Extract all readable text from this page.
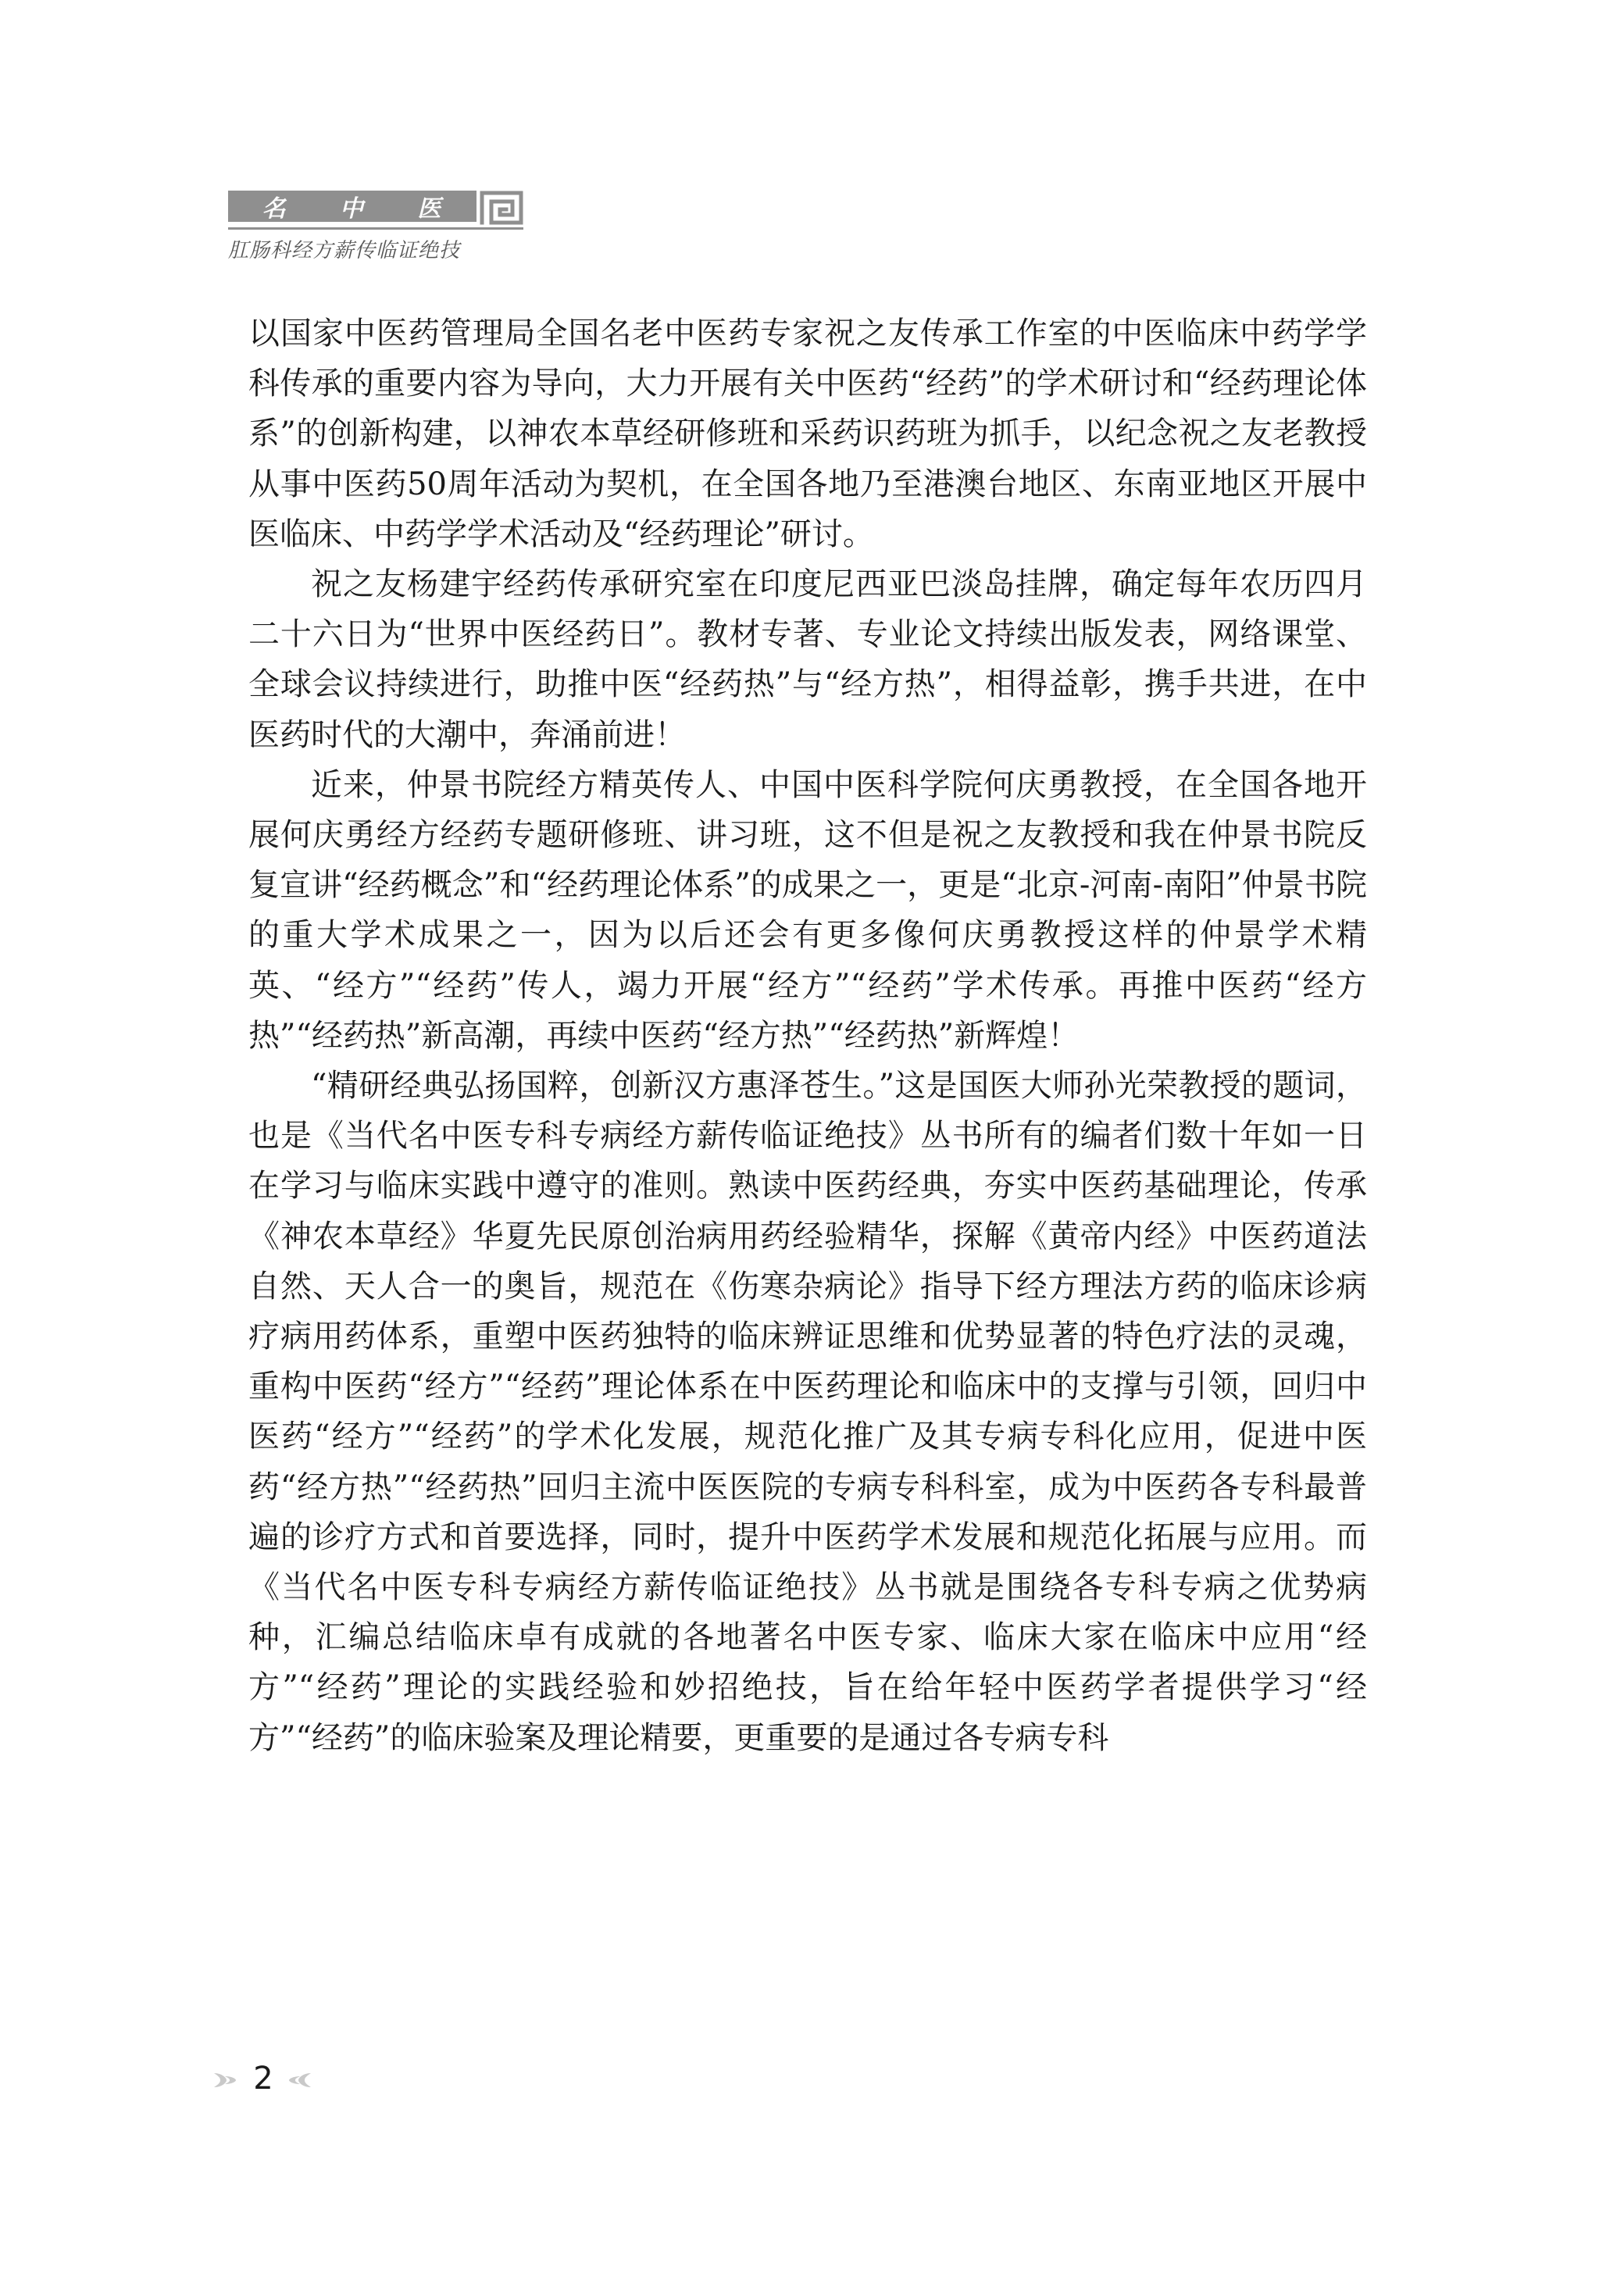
名 中 医
肛肠科经方薪传临证绝技

以国家中医药管理局全国名老中医药专家祝之友传承工作室的中医临床中药学学科传承的重要内容为导向，大力开展有关中医药“经药”的学术研讨和“经药理论体系”的创新构建，以神农本草经研修班和采药识药班为抓手，以纪念祝之友老教授从事中医药50周年活动为契机，在全国各地乃至港澳台地区、东南亚地区开展中医临床、中药学学术活动及“经药理论”研讨。

祝之友杨建宇经药传承研究室在印度尼西亚巴淡岛挂牌，确定每年农历四月二十六日为“世界中医经药日”。教材专著、专业论文持续出版发表，网络课堂、全球会议持续进行，助推中医“经药热”与“经方热”，相得益彰，携手共进，在中医药时代的大潮中，奔涌前进！

近来，仲景书院经方精英传人、中国中医科学院何庆勇教授，在全国各地开展何庆勇经方经药专题研修班、讲习班，这不但是祝之友教授和我在仲景书院反复宣讲“经药概念”和“经药理论体系”的成果之一，更是“北京-河南-南阳”仲景书院的重大学术成果之一，因为以后还会有更多像何庆勇教授这样的仲景学术精英、“经方”“经药”传人，竭力开展“经方”“经药”学术传承。再推中医药“经方热”“经药热”新高潮，再续中医药“经方热”“经药热”新辉煌！

“精研经典弘扬国粹，创新汉方惠泽苍生。”这是国医大师孙光荣教授的题词，也是《当代名中医专科专病经方薪传临证绝技》丛书所有的编者们数十年如一日在学习与临床实践中遵守的准则。熟读中医药经典，夯实中医药基础理论，传承《神农本草经》华夏先民原创治病用药经验精华，探解《黄帝内经》中医药道法自然、天人合一的奥旨，规范在《伤寒杂病论》指导下经方理法方药的临床诊病疗病用药体系，重塑中医药独特的临床辨证思维和优势显著的特色疗法的灵魂，重构中医药“经方”“经药”理论体系在中医药理论和临床中的支撑与引领，回归中医药“经方”“经药”的学术化发展，规范化推广及其专病专科化应用，促进中医药“经方热”“经药热”回归主流中医医院的专病专科科室，成为中医药各专科最普遍的诊疗方式和首要选择，同时，提升中医药学术发展和规范化拓展与应用。而《当代名中医专科专病经方薪传临证绝技》丛书就是围绕各专科专病之优势病种，汇编总结临床卓有成就的各地著名中医专家、临床大家在临床中应用“经方”“经药”理论的实践经验和妙招绝技，旨在给年轻中医药学者提供学习“经方”“经药”的临床验案及理论精要，更重要的是通过各专病专科

2
